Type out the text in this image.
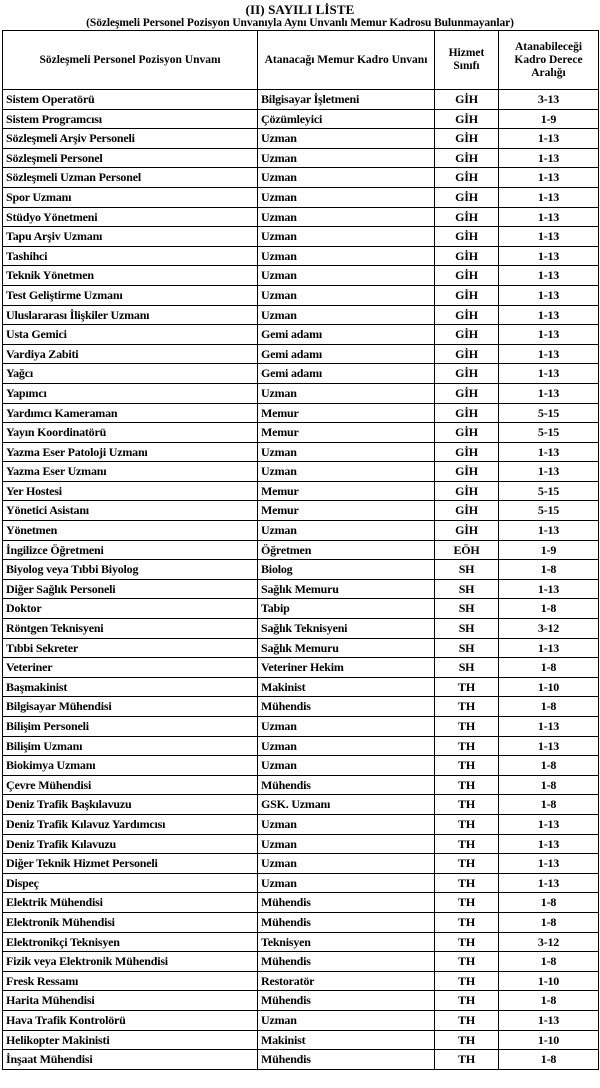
(II) SAYILI LİSTE
(Sözleşmeli Personel Pozisyon Unvanıyla Aynı Unvanlı Memur Kadrosu Bulunmayanlar)
Sözleşmeli Personel Pozisyon Unvanı	Atanacağı Memur Kadro Unvanı	Hizmet Sınıfı	Atanabileceği Kadro Derece Aralığı
Sistem Operatörü	Bilgisayar İşletmeni	GİH	3-13
Sistem Programcısı	Çözümleyici	GİH	1-9
Sözleşmeli Arşiv Personeli	Uzman	GİH	1-13
Sözleşmeli Personel	Uzman	GİH	1-13
Sözleşmeli Uzman Personel	Uzman	GİH	1-13
Spor Uzmanı	Uzman	GİH	1-13
Stüdyo Yönetmeni	Uzman	GİH	1-13
Tapu Arşiv Uzmanı	Uzman	GİH	1-13
Tashihci	Uzman	GİH	1-13
Teknik Yönetmen	Uzman	GİH	1-13
Test Geliştirme Uzmanı	Uzman	GİH	1-13
Uluslararası İlişkiler Uzmanı	Uzman	GİH	1-13
Usta Gemici	Gemi adamı	GİH	1-13
Vardiya Zabiti	Gemi adamı	GİH	1-13
Yağcı	Gemi adamı	GİH	1-13
Yapımcı	Uzman	GİH	1-13
Yardımcı Kameraman	Memur	GİH	5-15
Yayın Koordinatörü	Memur	GİH	5-15
Yazma Eser Patoloji Uzmanı	Uzman	GİH	1-13
Yazma Eser Uzmanı	Uzman	GİH	1-13
Yer Hostesi	Memur	GİH	5-15
Yönetici Asistanı	Memur	GİH	5-15
Yönetmen	Uzman	GİH	1-13
İngilizce Öğretmeni	Öğretmen	EÖH	1-9
Biyolog veya Tıbbi Biyolog	Biolog	SH	1-8
Diğer Sağlık Personeli	Sağlık Memuru	SH	1-13
Doktor	Tabip	SH	1-8
Röntgen Teknisyeni	Sağlık Teknisyeni	SH	3-12
Tıbbi Sekreter	Sağlık Memuru	SH	1-13
Veteriner	Veteriner Hekim	SH	1-8
Başmakinist	Makinist	TH	1-10
Bilgisayar Mühendisi	Mühendis	TH	1-8
Bilişim Personeli	Uzman	TH	1-13
Bilişim Uzmanı	Uzman	TH	1-13
Biokimya Uzmanı	Uzman	TH	1-8
Çevre Mühendisi	Mühendis	TH	1-8
Deniz Trafik Başkılavuzu	GSK. Uzmanı	TH	1-8
Deniz Trafik Kılavuz Yardımcısı	Uzman	TH	1-13
Deniz Trafik Kılavuzu	Uzman	TH	1-13
Diğer Teknik Hizmet Personeli	Uzman	TH	1-13
Dispeç	Uzman	TH	1-13
Elektrik Mühendisi	Mühendis	TH	1-8
Elektronik Mühendisi	Mühendis	TH	1-8
Elektronikçi Teknisyen	Teknisyen	TH	3-12
Fizik veya Elektronik Mühendisi	Mühendis	TH	1-8
Fresk Ressamı	Restoratör	TH	1-10
Harita Mühendisi	Mühendis	TH	1-8
Hava Trafik Kontrolörü	Uzman	TH	1-13
Helikopter Makinisti	Makinist	TH	1-10
İnşaat Mühendisi	Mühendis	TH	1-8
